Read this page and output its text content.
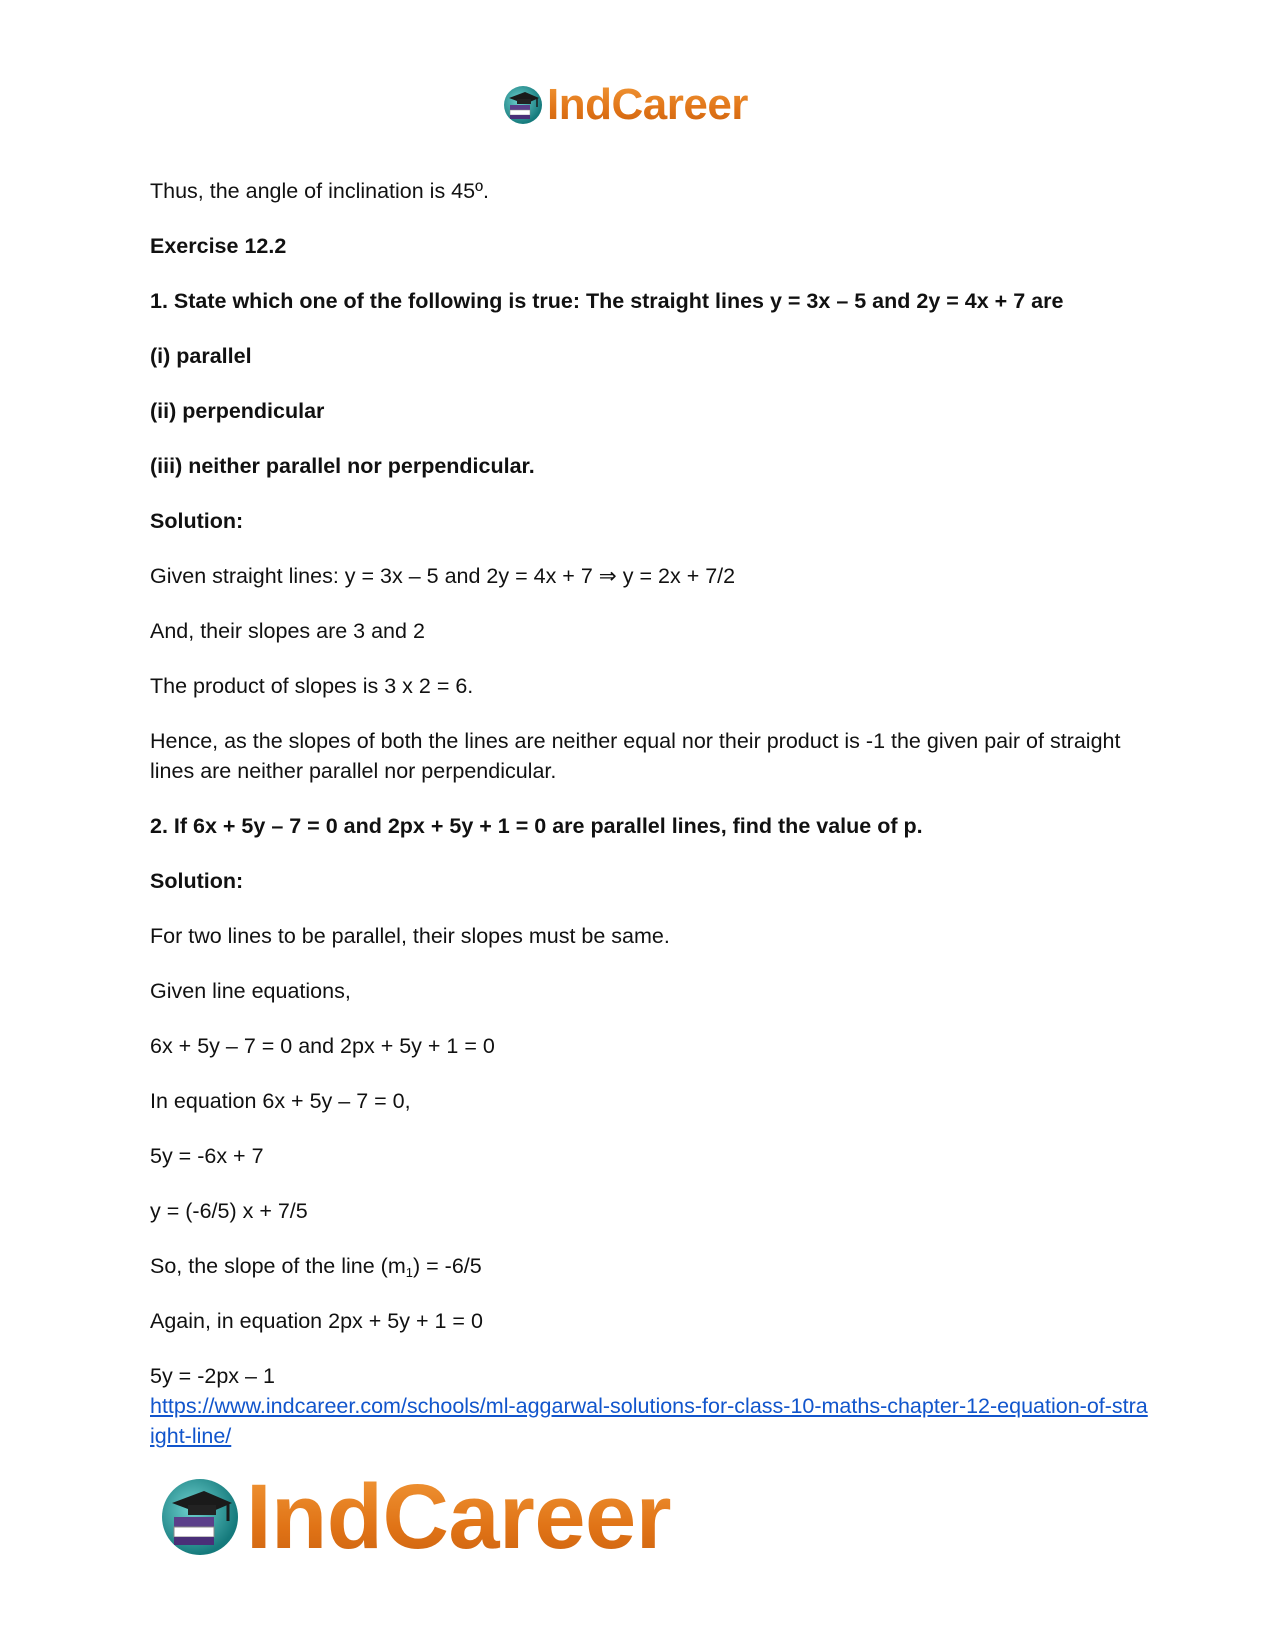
IndCareer

Thus, the angle of inclination is 45º.

Exercise 12.2

1. State which one of the following is true: The straight lines y = 3x – 5 and 2y = 4x + 7 are

(i) parallel

(ii) perpendicular

(iii) neither parallel nor perpendicular.

Solution:

Given straight lines: y = 3x – 5 and 2y = 4x + 7 ⇒ y = 2x + 7/2

And, their slopes are 3 and 2

The product of slopes is 3 x 2 = 6.

Hence, as the slopes of both the lines are neither equal nor their product is -1 the given pair of straight lines are neither parallel nor perpendicular.

2. If 6x + 5y – 7 = 0 and 2px + 5y + 1 = 0 are parallel lines, find the value of p.

Solution:

For two lines to be parallel, their slopes must be same.

Given line equations,

6x + 5y – 7 = 0 and 2px + 5y + 1 = 0

In equation 6x + 5y – 7 = 0,

5y = -6x + 7

y = (-6/5) x + 7/5

So, the slope of the line $(m_1) = -6/5$

Again, in equation 2px + 5y + 1 = 0

5y = -2px – 1

https://www.indcareer.com/schools/ml-aggarwal-solutions-for-class-10-maths-chapter-12-equation-of-straight-line/
IndCareer
